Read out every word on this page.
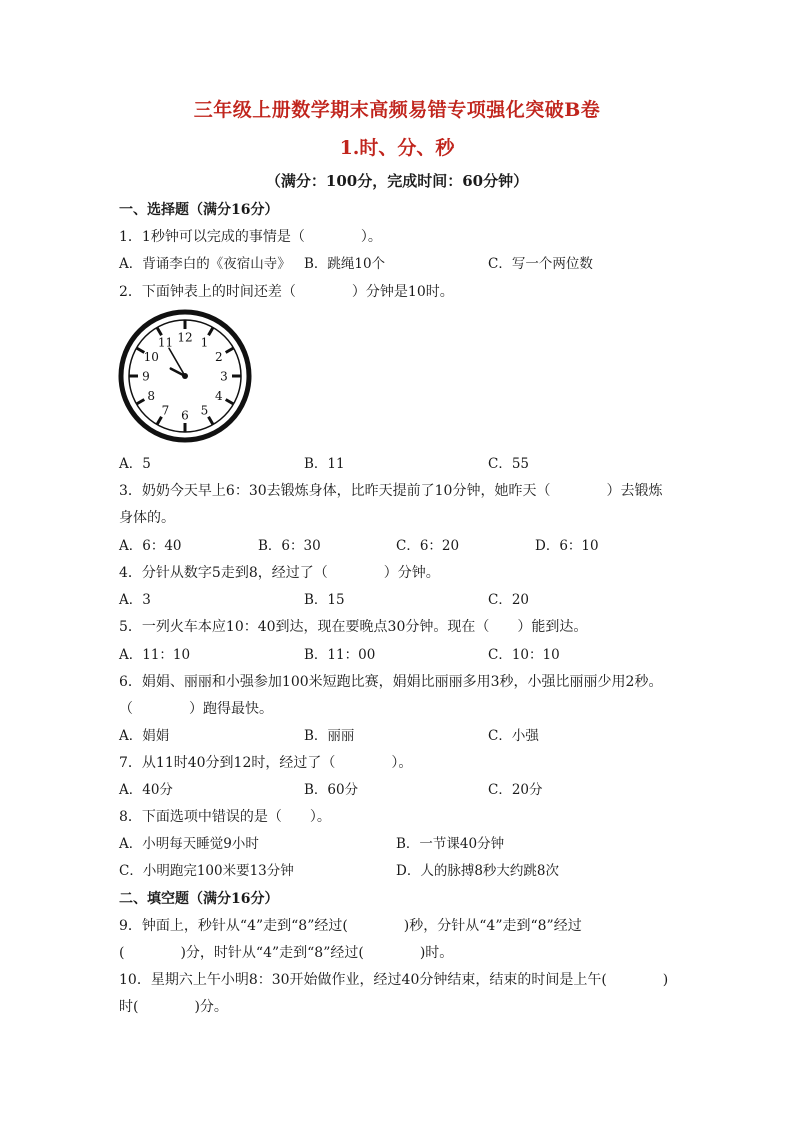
三年级上册数学期末高频易错专项强化突破B卷
1.时、分、秒
（满分：100分，完成时间：60分钟）
一、选择题（满分16分）
1．1秒钟可以完成的事情是（　　　　）。
A．背诵李白的《夜宿山寺》 B．跳绳10个	C．写一个两位数
2．下面钟表上的时间还差（　　　　）分钟是10时。
12 1
2
3
4
5
6
7
8
9
10
11
A．5	B．11	C．55
3．奶奶今天早上6：30去锻炼身体，比昨天提前了10分钟，她昨天（　　　　）去锻炼
身体的。
A．6：40	B．6：30	C．6：20	D．6：10
4．分针从数字5走到8，经过了（　　　　）分钟。
A．3	B．15	C．20
5．一列火车本应10：40到达，现在要晚点30分钟。现在（　　）能到达。
A．11：10	B．11：00	C．10：10
6．娟娟、丽丽和小强参加100米短跑比赛，娟娟比丽丽多用3秒，小强比丽丽少用2秒。
（　　　　）跑得最快。
A．娟娟	B．丽丽	C．小强
7．从11时40分到12时，经过了（　　　　）。
A．40分	B．60分	C．20分
8．下面选项中错误的是（　　）。
A．小明每天睡觉9小时	B．一节课40分钟
C．小明跑完100米要13分钟	D．人的脉搏8秒大约跳8次
二、填空题（满分16分）
9．钟面上，秒针从“4”走到“8”经过(　　　　)秒，分针从“4”走到“8”经过
(　　　　)分，时针从“4”走到“8”经过(　　　　)时。
10．星期六上午小明8：30开始做作业，经过40分钟结束，结束的时间是上午(　　　　)
时(　　　　)分。
